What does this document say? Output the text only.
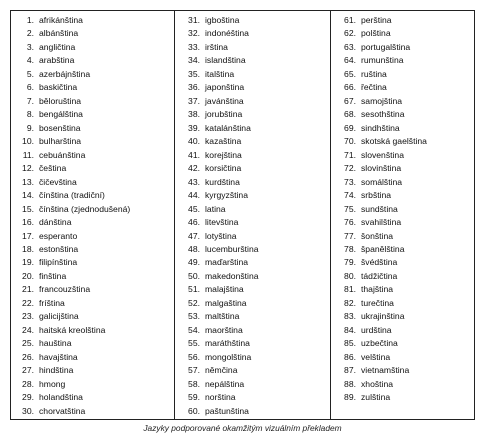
1. afrikánština
2. albánština
3. angličtina
4. arabština
5. azerbájnština
6. baskičtina
7. běloruština
8. bengálština
9. bosenština
10. bulharština
11. cebuánština
12. čeština
13. čičevština
14. čínština (tradiční)
15. čínština (zjednodušená)
16. dánština
17. esperanto
18. estonština
19. filipínština
20. finština
21. francouzština
22. fríština
23. galicijština
24. haitská kreolština
25. hauština
26. havajština
27. hindština
28. hmong
29. holandština
30. chorvatština
31. igboština
32. indonéština
33. irština
34. islandština
35. italština
36. japonština
37. javánština
38. jorubština
39. katalánština
40. kazaština
41. korejština
42. korsičtina
43. kurdština
44. kyrgyzština
45. latina
46. litevština
47. lotyština
48. lucemburština
49. maďarština
50. makedonština
51. malajština
52. malgaština
53. maltština
54. maorština
55. maráthština
56. mongolština
57. němčina
58. nepálština
59. norština
60. paštunština
61. perština
62. polština
63. portugalština
64. rumunština
65. ruština
66. řečtina
67. samojština
68. sesothština
69. sindhština
70. skotská gaelština
71. slovenština
72. slovinština
73. somálština
74. srbština
75. sundština
76. svahilština
77. šonština
78. španělština
79. švédština
80. tádžičtina
81. thajština
82. turečtina
83. ukrajinština
84. urdština
85. uzbečtina
86. velština
87. vietnamština
88. xhoština
89. zulština
Jazyky podporované okamžitým vizuálním překladem
